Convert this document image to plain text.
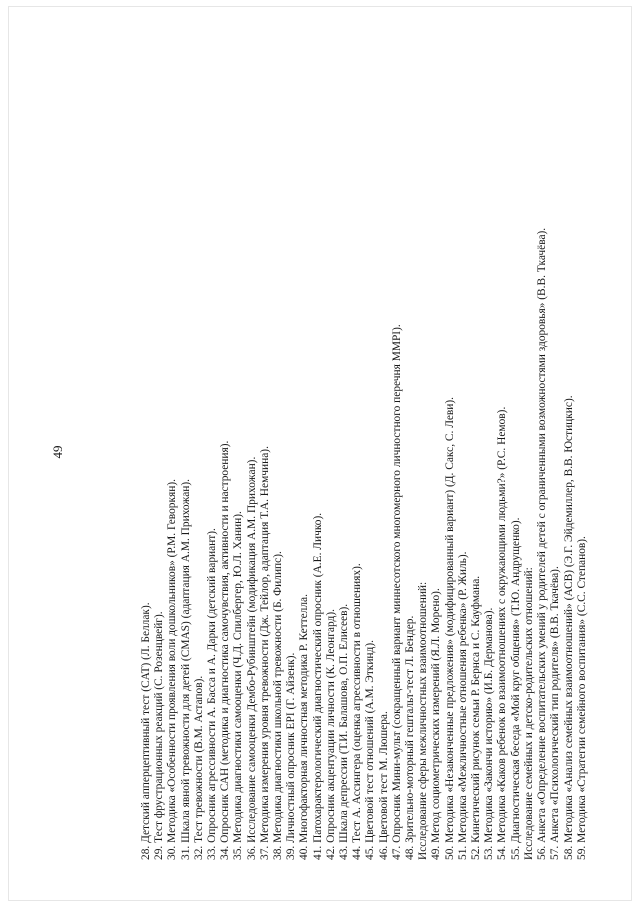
49
28. Детский апперцептивный тест (CAT) (Л. Беллак). 29. Тест фрустрационных реакций (С. Розенцвейг). 30. Методика «Особенности проявления воли дошкольников» (Р.М. Геворкян). 31. Шкала явной тревожности для детей (CMAS) (адаптация А.М. Прихожан). 32. Тест тревожности (В.М. Астапов). 33. Опросник агрессивности А. Басса и А. Дарки (детский вариант). 34. Опросник САН (методика и диагностика самочувствия, активности и настроения). 35. Методика диагностики самооценки (Ч.Д. Спилбергер, Ю.Л. Ханин). 36. Исследование самооценки Дембо-Рубинштейн (модификация А.М. Прихожан). 37. Методика измерения уровня тревожности (Дж. Тейлор, адаптация Т.А. Немчина). 38. Методика диагностики школьной тревожности (Б. Филипс). 39. Личностный опросник EPI (Г. Айзенк). 40. Многофакторная личностная методика Р. Кеттелла. 41. Патохарактерологический диагностический опросник (А.Е. Личко). 42. Опросник акцентуации личности (К. Леонгард). 43. Шкала депрессии (Т.И. Балашова, О.П. Елисеев). 44. Тест А. Ассингера (оценка агрессивности в отношениях). 45. Цветовой тест отношений (А.М. Эткинд). 46. Цветовой тест М. Люшера. 47. Опросник Мини-мульт (сокращенный вариант миннесотского многомерного личностного перечня MMPI). 48. Зрительно-моторный гештальт-тест Л. Бендер. Исследование сферы межличностных взаимоотношений: 49. Метод социометрических измерений (Я.Л. Морено). 50. Методика «Незаконченные предложения» (модифицированный вариант) (Д. Сакс, С. Леви). 51. Методика «Межличностные отношения ребенка» (Р. Жиль). 52. Кинетический рисунок семьи Р. Бернса и С. Кауфмана. 53. Методика «Закончи историю» (И.Б. Дерманова). 54. Методика «Каков ребенок во взаимоотношениях с окружающими людьми?» (Р.С. Немов). 55. Диагностическая беседа «Мой круг общения» (Т.Ю. Андрущенко). Исследование семейных и детско-родительских отношений: 56. Анкета «Определение воспитательских умений у родителей детей с ограниченными возможностями здоровья» (В.В. Ткачёва). 57. Анкета «Психологический тип родителя» (В.В. Ткачёва). 58. Методика «Анализ семейных взаимоотношений» (АСВ) (Э.Г. Эйдемиллер, В.В. Юстицкис). 59. Методика «Стратегии семейного воспитания» (С.С. Степанов).
